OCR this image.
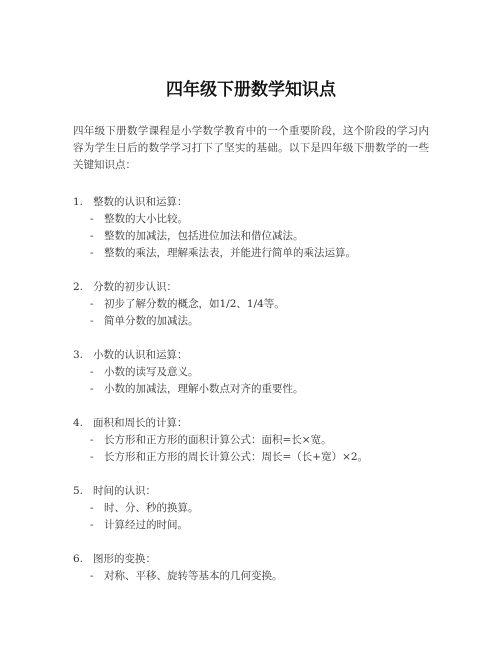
四年级下册数学知识点

四年级下册数学课程是小学数学教育中的一个重要阶段，这个阶段的学习内容为学生日后的数学学习打下了坚实的基础。以下是四年级下册数学的一些关键知识点：

1. 整数的认识和运算：
- 整数的大小比较。
- 整数的加减法，包括进位加法和借位减法。
- 整数的乘法，理解乘法表，并能进行简单的乘法运算。
2. 分数的初步认识：
- 初步了解分数的概念，如1/2、1/4等。
- 简单分数的加减法。
3. 小数的认识和运算：
- 小数的读写及意义。
- 小数的加减法，理解小数点对齐的重要性。
4. 面积和周长的计算：
- 长方形和正方形的面积计算公式：面积=长×宽。
- 长方形和正方形的周长计算公式：周长=（长+宽）×2。
5. 时间的认识：
- 时、分、秒的换算。
- 计算经过的时间。
6. 图形的变换：
- 对称、平移、旋转等基本的几何变换。
